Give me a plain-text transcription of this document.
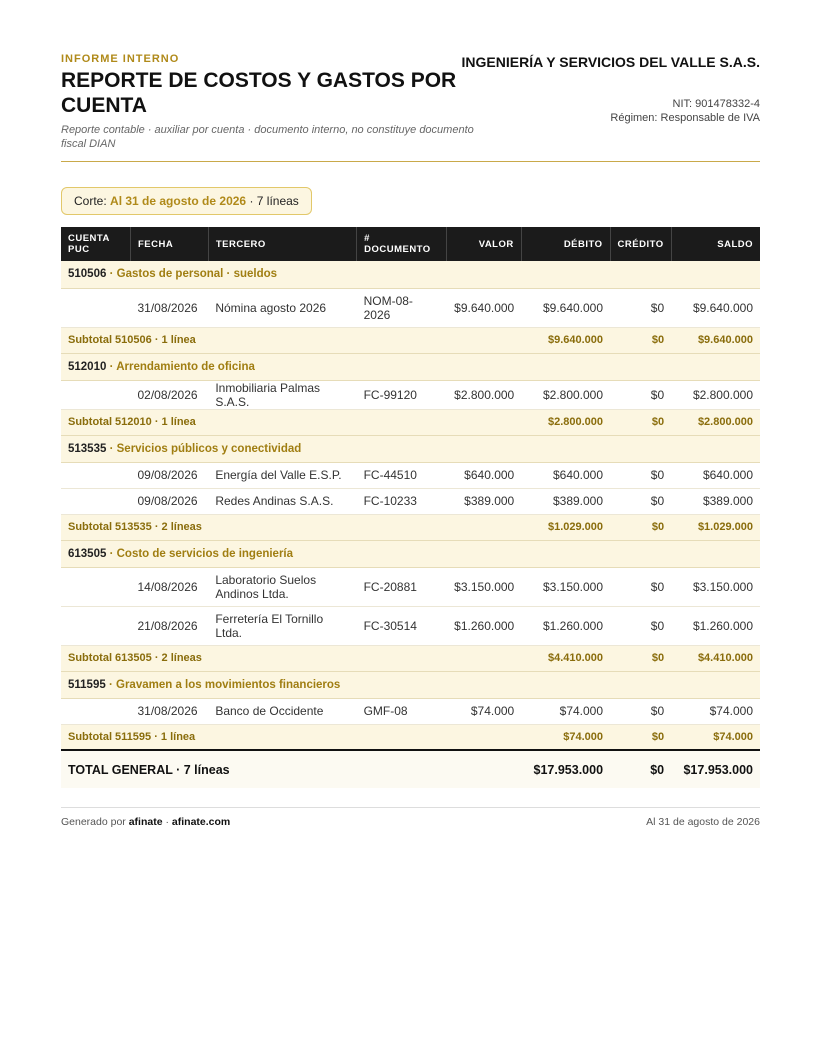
INFORME INTERNO
REPORTE DE COSTOS Y GASTOS POR CUENTA
Reporte contable · auxiliar por cuenta · documento interno, no constituye documento fiscal DIAN
INGENIERÍA Y SERVICIOS DEL VALLE S.A.S.
NIT: 901478332-4
Régimen: Responsable de IVA
Corte: Al 31 de agosto de 2026 · 7 líneas
CUENTA PUC	FECHA	TERCERO	# DOCUMENTO	VALOR	DÉBITO	CRÉDITO	SALDO
510506 · Gastos de personal · sueldos							
	31/08/2026	Nómina agosto 2026	NOM-08-2026	$9.640.000	$9.640.000	$0	$9.640.000
Subtotal 510506 · 1 línea					$9.640.000	$0	$9.640.000
512010 · Arrendamiento de oficina							
	02/08/2026	Inmobiliaria Palmas S.A.S.	FC-99120	$2.800.000	$2.800.000	$0	$2.800.000
Subtotal 512010 · 1 línea					$2.800.000	$0	$2.800.000
513535 · Servicios públicos y conectividad							
	09/08/2026	Energía del Valle E.S.P.	FC-44510	$640.000	$640.000	$0	$640.000
	09/08/2026	Redes Andinas S.A.S.	FC-10233	$389.000	$389.000	$0	$389.000
Subtotal 513535 · 2 líneas					$1.029.000	$0	$1.029.000
613505 · Costo de servicios de ingeniería							
	14/08/2026	Laboratorio Suelos Andinos Ltda.	FC-20881	$3.150.000	$3.150.000	$0	$3.150.000
	21/08/2026	Ferretería El Tornillo Ltda.	FC-30514	$1.260.000	$1.260.000	$0	$1.260.000
Subtotal 613505 · 2 líneas					$4.410.000	$0	$4.410.000
511595 · Gravamen a los movimientos financieros							
	31/08/2026	Banco de Occidente	GMF-08	$74.000	$74.000	$0	$74.000
Subtotal 511595 · 1 línea					$74.000	$0	$74.000
TOTAL GENERAL · 7 líneas					$17.953.000	$0	$17.953.000
Generado por afinate · afinate.com	Al 31 de agosto de 2026
